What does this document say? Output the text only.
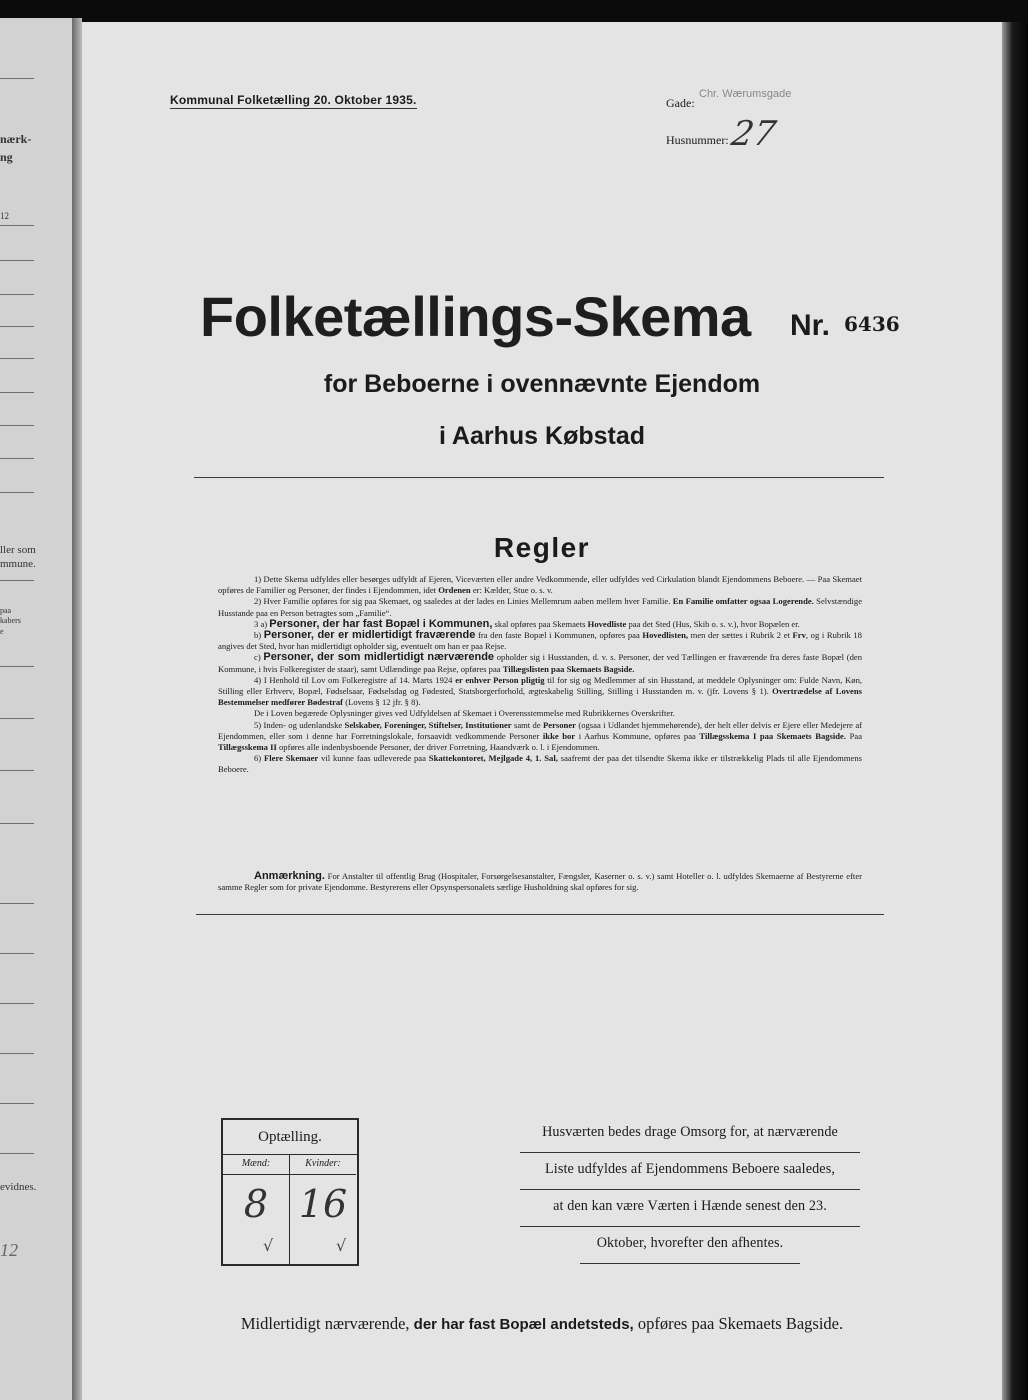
nærk-
ng
12
ller som
mmune.
paa
kabers
e
evidnes.
12
Kommunal Folketælling 20. Oktober 1935.	Gade:
Chr. Wærumsgade
Husnummer: 27
Folketællings-Skema Nr. 6436
for Beboerne i ovennævnte Ejendom
i Aarhus Købstad
Regler

1) Dette Skema udfyldes eller besørges udfyldt af Ejeren, Viceværten eller andre Vedkommende, eller udfyldes ved Cirkulation blandt Ejendommens Beboere. — Paa Skemaet opføres de Familier og Personer, der findes i Ejendommen, idet Ordenen er: Kælder, Stue o. s. v.

2) Hver Familie opføres for sig paa Skemaet, og saaledes at der lades en Linies Mellemrum aaben mellem hver Familie. En Familie omfatter ogsaa Logerende. Selvstændige Husstande paa en Person betragtes som „Familie“.

3 a) Personer, der har fast Bopæl i Kommunen, skal opføres paa Skemaets Hovedliste paa det Sted (Hus, Skib o. s. v.), hvor Bopælen er.

b) Personer, der er midlertidigt fraværende fra den faste Bopæl i Kommunen, opføres paa Hovedlisten, men der sættes i Rubrik 2 et Frv, og i Rubrik 18 angives det Sted, hvor han midlertidigt opholder sig, eventuelt om han er paa Rejse.

c) Personer, der som midlertidigt nærværende opholder sig i Husstanden, d. v. s. Personer, der ved Tællingen er fraværende fra deres faste Bopæl (den Kommune, i hvis Folkeregister de staar), samt Udlændinge paa Rejse, opføres paa Tillægslisten paa Skemaets Bagside.

4) I Henhold til Lov om Folkeregistre af 14. Marts 1924 er enhver Person pligtig til for sig og Medlemmer af sin Husstand, at meddele Oplysninger om: Fulde Navn, Køn, Stilling eller Erhverv, Bopæl, Fødselsaar, Fødselsdag og Fødested, Statsborgerforhold, ægteskabelig Stilling, Stilling i Husstanden m. v. (jfr. Lovens § 1). Overtrædelse af Lovens Bestemmelser medfører Bødestraf (Lovens § 12 jfr. § 8).

De i Loven begærede Oplysninger gives ved Udfyldelsen af Skemaet i Overensstemmelse med Rubrikkernes Overskrifter.

5) Inden- og udenlandske Selskaber, Foreninger, Stiftelser, Institutioner samt de Personer (ogsaa i Udlandet hjemmehørende), der helt eller delvis er Ejere eller Medejere af Ejendommen, eller som i denne har Forretningslokale, forsaavidt vedkommende Personer ikke bor i Aarhus Kommune, opføres paa Tillægsskema I paa Skemaets Bagside. Paa Tillægsskema II opføres alle indenbysboende Personer, der driver Forretning, Haandværk o. l. i Ejendommen.

6) Flere Skemaer vil kunne faas udleverede paa Skattekontoret, Mejlgade 4, 1. Sal, saafremt der paa det tilsendte Skema ikke er tilstrækkelig Plads til alle Ejendommens Beboere.

Anmærkning. For Anstalter til offentlig Brug (Hospitaler, Forsørgelsesanstalter, Fængsler, Kaserner o. s. v.) samt Hoteller o. l. udfyldes Skemaerne af Bestyrerne efter samme Regler som for private Ejendomme. Bestyrerens eller Opsynspersonalets særlige Husholdning skal opføres for sig.

Optælling.
Mænd:
8
√
Kvinder:
16
√
Husværten bedes drage Omsorg for, at nærværende
Liste udfyldes af Ejendommens Beboere saaledes,
at den kan være Værten i Hænde senest den 23.
Oktober, hvorefter den afhentes.
Midlertidigt nærværende, der har fast Bopæl andetsteds, opføres paa Skemaets Bagside.
